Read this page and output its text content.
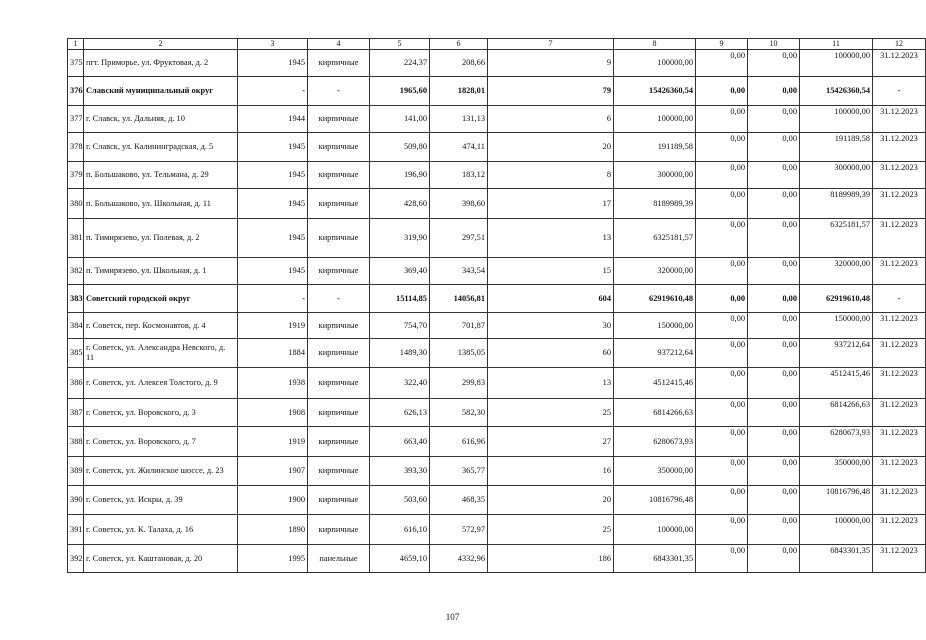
1	2	3	4	5	6	7	8	9	10	11	12
375	пгт. Приморье, ул. Фруктовая, д. 2	1945	кирпичные	224,37	208,66	9	100000,00	0,00	0,00	100000,00	31.12.2023
376	Славский муниципальный округ	-	-	1965,60	1828,01	79	15426360,54	0,00	0,00	15426360,54	-
377	г. Славск, ул. Дальняя, д. 10	1944	кирпичные	141,00	131,13	6	100000,00	0,00	0,00	100000,00	31.12.2023
378	г. Славск, ул. Калининградская, д. 5	1945	кирпичные	509,80	474,11	20	191189,58	0,00	0,00	191189,58	31.12.2023
379	п. Большаково, ул. Тельмана, д. 29	1945	кирпичные	196,90	183,12	8	300000,00	0,00	0,00	300000,00	31.12.2023
380	п. Большаково, ул. Школьная, д. 11	1945	кирпичные	428,60	398,60	17	8189989,39	0,00	0,00	8189989,39	31.12.2023
381	п. Тимирязево, ул. Полевая, д. 2	1945	кирпичные	319,90	297,51	13	6325181,57	0,00	0,00	6325181,57	31.12.2023
382	п. Тимирязево, ул. Школьная, д. 1	1945	кирпичные	369,40	343,54	15	320000,00	0,00	0,00	320000,00	31.12.2023
383	Советский городской округ	-	-	15114,85	14056,81	604	62919610,48	0,00	0,00	62919610,48	-
384	г. Советск, пер. Космонавтов, д. 4	1919	кирпичные	754,70	701,87	30	150000,00	0,00	0,00	150000,00	31.12.2023
385	г. Советск, ул. Александра Невского, д. 11	1884	кирпичные	1489,30	1385,05	60	937212,64	0,00	0,00	937212,64	31.12.2023
386	г. Советск, ул. Алексея Толстого, д. 9	1938	кирпичные	322,40	299,83	13	4512415,46	0,00	0,00	4512415,46	31.12.2023
387	г. Советск, ул. Воровского, д. 3	1908	кирпичные	626,13	582,30	25	6814266,63	0,00	0,00	6814266,63	31.12.2023
388	г. Советск, ул. Воровского, д. 7	1919	кирпичные	663,40	616,96	27	6280673,93	0,00	0,00	6280673,93	31.12.2023
389	г. Советск, ул. Жилинское шоссе, д. 23	1907	кирпичные	393,30	365,77	16	350000,00	0,00	0,00	350000,00	31.12.2023
390	г. Советск, ул. Искры, д. 39	1900	кирпичные	503,60	468,35	20	10816796,48	0,00	0,00	10816796,48	31.12.2023
391	г. Советск, ул. К. Талаха, д. 16	1890	кирпичные	616,10	572,97	25	100000,00	0,00	0,00	100000,00	31.12.2023
392	г. Советск, ул. Каштановая, д. 20	1995	панельные	4659,10	4332,96	186	6843301,35	0,00	0,00	6843301,35	31.12.2023
107
